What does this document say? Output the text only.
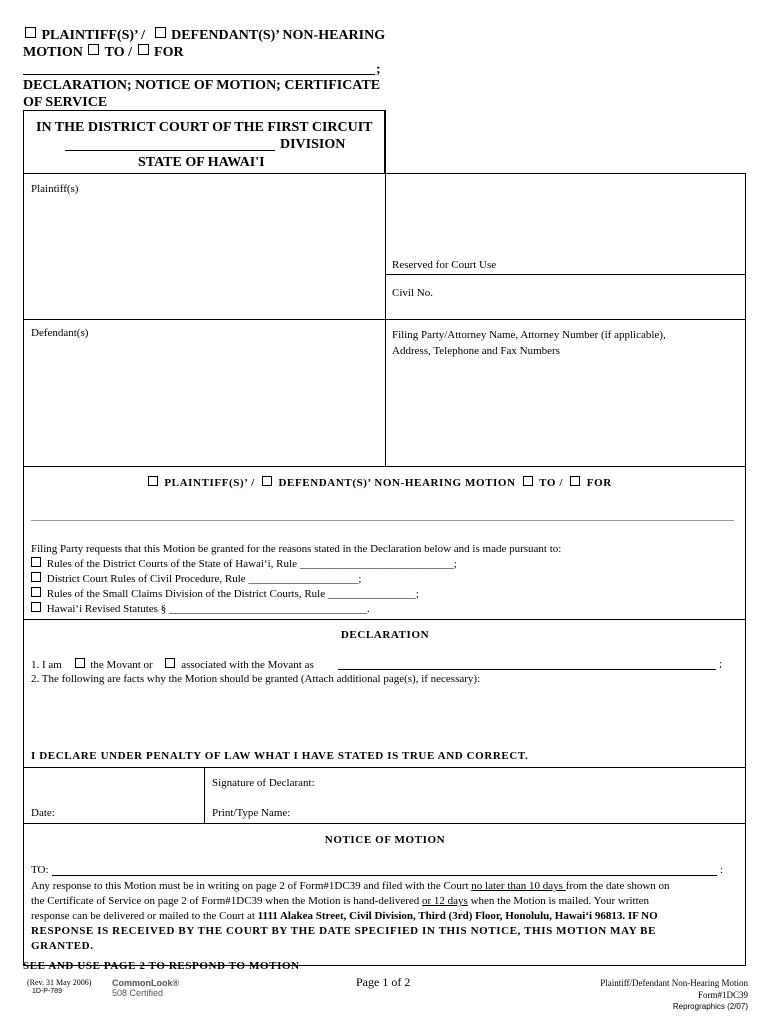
PLAINTIFF(S)’ / DEFENDANT(S)’ NON-HEARING
MOTION TO / FOR
;
DECLARATION; NOTICE OF MOTION; CERTIFICATE
OF SERVICE
IN THE DISTRICT COURT OF THE FIRST CIRCUIT
DIVISION
STATE OF HAWAI'I
Plaintiff(s)
Reserved for Court Use
Civil No.
Defendant(s)	Filing Party/Attorney Name, Attorney Number (if applicable),
Address, Telephone and Fax Numbers
PLAINTIFF(S)’ / DEFENDANT(S)’ NON-HEARING MOTION TO / FOR
Filing Party requests that this Motion be granted for the reasons stated in the Declaration below and is made pursuant to:
Rules of the District Courts of the State of Hawai‘i, Rule ____________________________;
District Court Rules of Civil Procedure, Rule ____________________;
Rules of the Small Claims Division of the District Courts, Rule ________________;
Hawai‘i Revised Statutes § ____________________________________.
DECLARATION
1. I am	the Movant or	associated with the Movant as	;
2. The following are facts why the Motion should be granted (Attach additional page(s), if necessary):
I DECLARE UNDER PENALTY OF LAW WHAT I HAVE STATED IS TRUE AND CORRECT.
Signature of Declarant:
Date:	Print/Type Name:
NOTICE OF MOTION
TO:	:
Any response to this Motion must be in writing on page 2 of Form#1DC39 and filed with the Court no later than 10 days from the date shown on
the Certificate of Service on page 2 of Form#1DC39 when the Motion is hand-delivered or 12 days when the Motion is mailed. Your written
response can be delivered or mailed to the Court at 1111 Alakea Street, Civil Division, Third (3rd) Floor, Honolulu, Hawai‘i 96813. IF NO
RESPONSE IS RECEIVED BY THE COURT BY THE DATE SPECIFIED IN THIS NOTICE, THIS MOTION MAY BE
GRANTED.
SEE AND USE PAGE 2 TO RESPOND TO MOTION
(Rev. 31 May 2006)
1D-P-789
CommonLook®
508 Certified
Page 1 of 2	Plaintiff/Defendant Non-Hearing Motion
Form#1DC39
Reprographics (2/07)
